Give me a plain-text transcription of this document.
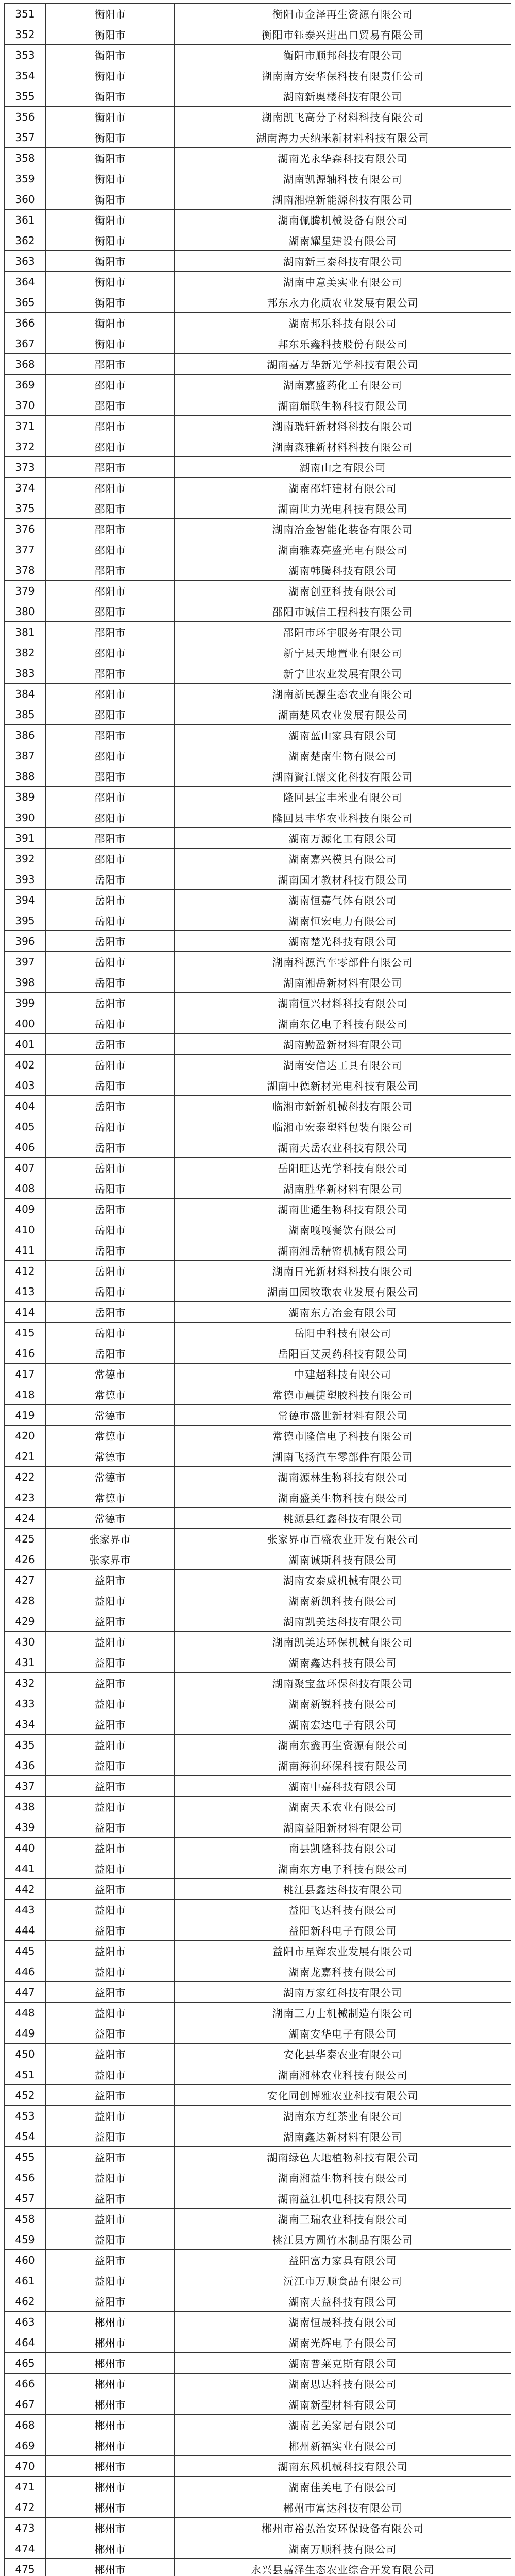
351	衡阳市	衡阳市金泽再生资源有限公司
352	衡阳市	衡阳市钰泰兴进出口贸易有限公司
353	衡阳市	衡阳市顺邦科技有限公司
354	衡阳市	湖南南方安华保科技有限责任公司
355	衡阳市	湖南新奥楼科技有限公司
356	衡阳市	湖南凯飞高分子材料科技有限公司
357	衡阳市	湖南海力天纳米新材料科技有限公司
358	衡阳市	湖南光永华森科技有限公司
359	衡阳市	湖南凯源轴科技有限公司
360	衡阳市	湖南湘煌新能源科技有限公司
361	衡阳市	湖南佩腾机械设备有限公司
362	衡阳市	湖南耀星建设有限公司
363	衡阳市	湖南新三泰科技有限公司
364	衡阳市	湖南中意美实业有限公司
365	衡阳市	邦东永力化质农业发展有限公司
366	衡阳市	湖南邦乐科技有限公司
367	衡阳市	邦东乐鑫科技股份有限公司
368	邵阳市	湖南嘉万华新光学科技有限公司
369	邵阳市	湖南嘉盛药化工有限公司
370	邵阳市	湖南瑞联生物科技有限公司
371	邵阳市	湖南瑞轩新材料科技有限公司
372	邵阳市	湖南森雅新材料科技有限公司
373	邵阳市	湖南山之有限公司
374	邵阳市	湖南邵轩建材有限公司
375	邵阳市	湖南世力光电科技有限公司
376	邵阳市	湖南冶金智能化装备有限公司
377	邵阳市	湖南雅森亮盛光电有限公司
378	邵阳市	湖南韩腾科技有限公司
379	邵阳市	湖南创亚科技有限公司
380	邵阳市	邵阳市诚信工程科技有限公司
381	邵阳市	邵阳市环宇服务有限公司
382	邵阳市	新宁县天地置业有限公司
383	邵阳市	新宁世农业发展有限公司
384	邵阳市	湖南新民源生态农业有限公司
385	邵阳市	湖南楚风农业发展有限公司
386	邵阳市	湖南蓝山家具有限公司
387	邵阳市	湖南楚南生物有限公司
388	邵阳市	湖南資江懷文化科技有限公司
389	邵阳市	隆回县宝丰米业有限公司
390	邵阳市	隆回县丰华农业科技有限公司
391	邵阳市	湖南万源化工有限公司
392	邵阳市	湖南嘉兴模具有限公司
393	岳阳市	湖南国才教材科技有限公司
394	岳阳市	湖南恒嘉气体有限公司
395	岳阳市	湖南恒宏电力有限公司
396	岳阳市	湖南楚光科技有限公司
397	岳阳市	湖南科源汽车零部件有限公司
398	岳阳市	湖南湘岳新材料有限公司
399	岳阳市	湖南恒兴材料科技有限公司
400	岳阳市	湖南东亿电子科技有限公司
401	岳阳市	湖南勤盈新材料有限公司
402	岳阳市	湖南安信达工具有限公司
403	岳阳市	湖南中德新材光电科技有限公司
404	岳阳市	临湘市新新机械科技有限公司
405	岳阳市	临湘市宏泰塑料包装有限公司
406	岳阳市	湖南天岳农业科技有限公司
407	岳阳市	岳阳旺达光学科技有限公司
408	岳阳市	湖南胜华新材料有限公司
409	岳阳市	湖南世通生物科技有限公司
410	岳阳市	湖南嘎嘎餐饮有限公司
411	岳阳市	湖南湘岳精密机械有限公司
412	岳阳市	湖南日光新材料科技有限公司
413	岳阳市	湖南田园牧歌农业发展有限公司
414	岳阳市	湖南东方冶金有限公司
415	岳阳市	岳阳中科技有限公司
416	岳阳市	岳阳百艾灵药科技有限公司
417	常德市	中建超科技有限公司
418	常德市	常德市晨捷塑胶科技有限公司
419	常德市	常德市盛世新材料有限公司
420	常德市	常德市隆信电子科技有限公司
421	常德市	湖南飞扬汽车零部件有限公司
422	常德市	湖南源林生物科技有限公司
423	常德市	湖南盛美生物科技有限公司
424	常德市	桃源县红鑫科技有限公司
425	张家界市	张家界市百盛农业开发有限公司
426	张家界市	湖南诚斯科技有限公司
427	益阳市	湖南安泰威机械有限公司
428	益阳市	湖南新凯科技有限公司
429	益阳市	湖南凯美达科技有限公司
430	益阳市	湖南凯美达环保机械有限公司
431	益阳市	湖南鑫达科技有限公司
432	益阳市	湖南聚宝盆环保科技有限公司
433	益阳市	湖南新锐科技有限公司
434	益阳市	湖南宏达电子有限公司
435	益阳市	湖南东鑫再生资源有限公司
436	益阳市	湖南海润环保科技有限公司
437	益阳市	湖南中嘉科技有限公司
438	益阳市	湖南天禾农业有限公司
439	益阳市	湖南益阳新材料有限公司
440	益阳市	南县凯隆科技有限公司
441	益阳市	湖南东方电子科技有限公司
442	益阳市	桃江县鑫达科技有限公司
443	益阳市	益阳飞达科技有限公司
444	益阳市	益阳新科电子有限公司
445	益阳市	益阳市星辉农业发展有限公司
446	益阳市	湖南龙嘉科技有限公司
447	益阳市	湖南万家红科技有限公司
448	益阳市	湖南三力士机械制造有限公司
449	益阳市	湖南安华电子有限公司
450	益阳市	安化县华泰农业有限公司
451	益阳市	湖南湘林农业科技有限公司
452	益阳市	安化同创博雅农业科技有限公司
453	益阳市	湖南东方红茶业有限公司
454	益阳市	湖南鑫达新材料有限公司
455	益阳市	湖南绿色大地植物科技有限公司
456	益阳市	湖南湘益生物科技有限公司
457	益阳市	湖南益江机电科技有限公司
458	益阳市	湖南三瑞农业科技有限公司
459	益阳市	桃江县方圆竹木制品有限公司
460	益阳市	益阳富力家具有限公司
461	益阳市	沅江市万顺食品有限公司
462	益阳市	湖南天益科技有限公司
463	郴州市	湖南恒晟科技有限公司
464	郴州市	湖南光辉电子有限公司
465	郴州市	湖南普莱克斯有限公司
466	郴州市	湖南思达科技有限公司
467	郴州市	湖南新型材料有限公司
468	郴州市	湖南艺美家居有限公司
469	郴州市	郴州新福实业有限公司
470	郴州市	湖南东风机械科技有限公司
471	郴州市	湖南佳美电子有限公司
472	郴州市	郴州市富达科技有限公司
473	郴州市	郴州市裕弘治安环保设备有限公司
474	郴州市	湖南万顺科技有限公司
475	郴州市	永兴县嘉泽生态农业综合开发有限公司
